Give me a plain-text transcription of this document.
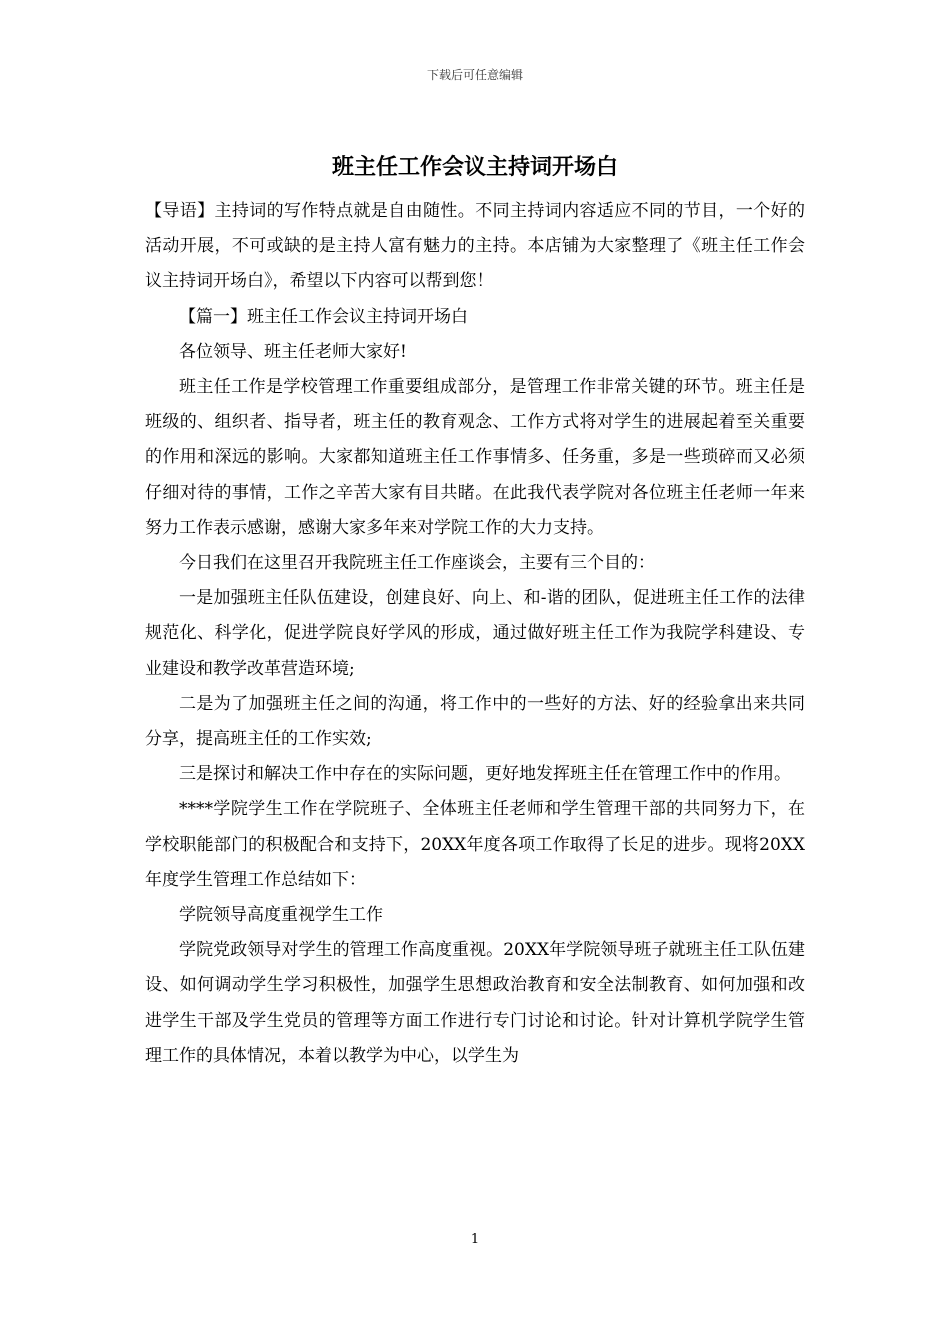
下载后可任意编辑
班主任工作会议主持词开场白

【导语】主持词的写作特点就是自由随性。不同主持词内容适应不同的节目，一个好的活动开展，不可或缺的是主持人富有魅力的主持。本店铺为大家整理了《班主任工作会议主持词开场白》，希望以下内容可以帮到您！

【篇一】班主任工作会议主持词开场白

各位领导、班主任老师大家好!

班主任工作是学校管理工作重要组成部分，是管理工作非常关键的环节。班主任是班级的、组织者、指导者，班主任的教育观念、工作方式将对学生的进展起着至关重要的作用和深远的影响。大家都知道班主任工作事情多、任务重，多是一些琐碎而又必须仔细对待的事情，工作之辛苦大家有目共睹。在此我代表学院对各位班主任老师一年来努力工作表示感谢，感谢大家多年来对学院工作的大力支持。

今日我们在这里召开我院班主任工作座谈会，主要有三个目的：

一是加强班主任队伍建设，创建良好、向上、和-谐的团队，促进班主任工作的法律规范化、科学化，促进学院良好学风的形成，通过做好班主任工作为我院学科建设、专业建设和教学改革营造环境;

二是为了加强班主任之间的沟通，将工作中的一些好的方法、好的经验拿出来共同分享，提高班主任的工作实效;

三是探讨和解决工作中存在的实际问题，更好地发挥班主任在管理工作中的作用。

****学院学生工作在学院班子、全体班主任老师和学生管理干部的共同努力下，在学校职能部门的积极配合和支持下，20XX年度各项工作取得了长足的进步。现将20XX年度学生管理工作总结如下：

学院领导高度重视学生工作

学院党政领导对学生的管理工作高度重视。20XX年学院领导班子就班主任工队伍建设、如何调动学生学习积极性，加强学生思想政治教育和安全法制教育、如何加强和改进学生干部及学生党员的管理等方面工作进行专门讨论和讨论。针对计算机学院学生管理工作的具体情况，本着以教学为中心，以学生为

1
